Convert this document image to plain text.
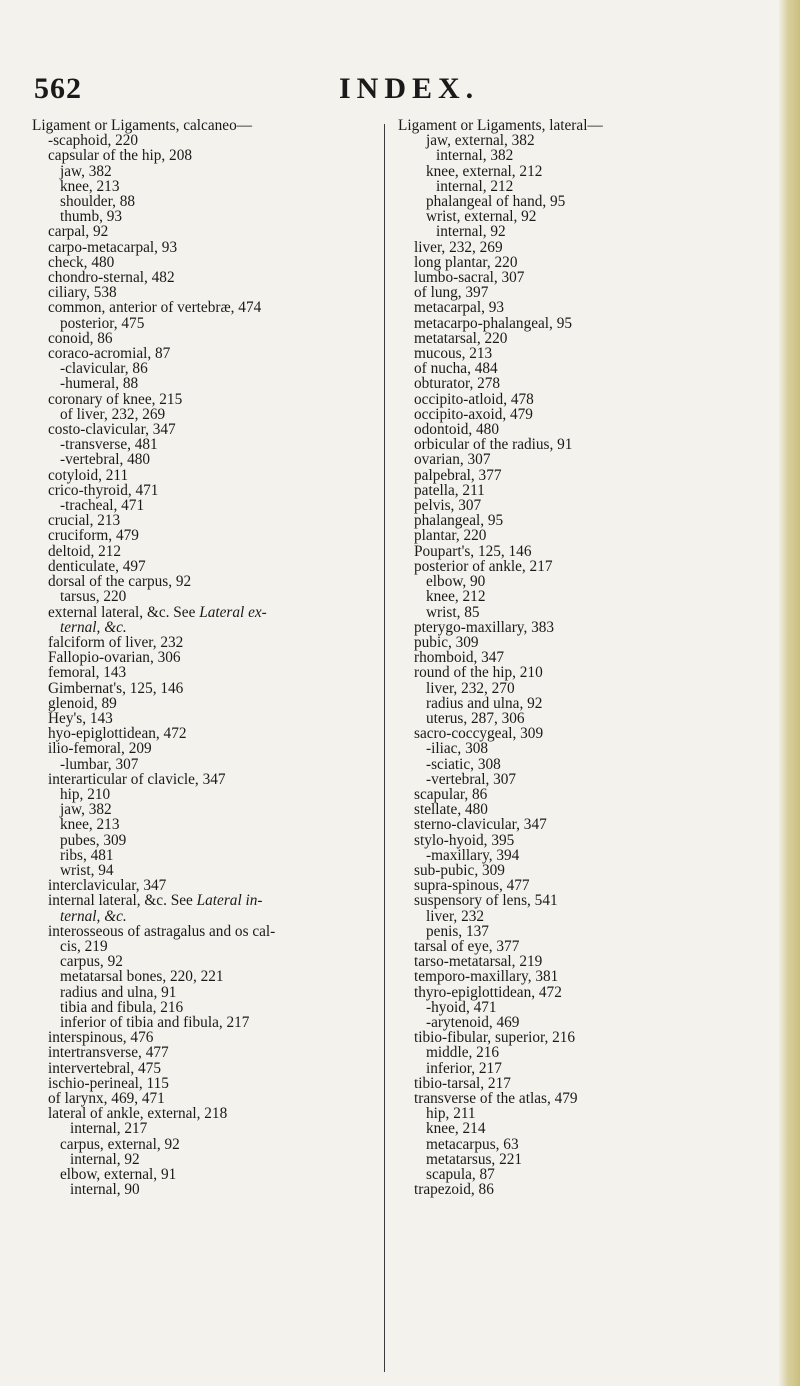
562	INDEX.
Ligament or Ligaments, calcaneo—
-scaphoid, 220
capsular of the hip, 208
jaw, 382
knee, 213
shoulder, 88
thumb, 93
carpal, 92
carpo-metacarpal, 93
check, 480
chondro-sternal, 482
ciliary, 538
common, anterior of vertebræ, 474
posterior, 475
conoid, 86
coraco-acromial, 87
-clavicular, 86
-humeral, 88
coronary of knee, 215
of liver, 232, 269
costo-clavicular, 347
-transverse, 481
-vertebral, 480
cotyloid, 211
crico-thyroid, 471
-tracheal, 471
crucial, 213
cruciform, 479
deltoid, 212
denticulate, 497
dorsal of the carpus, 92
tarsus, 220
external lateral, &c. See Lateral ex-
ternal, &c.
falciform of liver, 232
Fallopio-ovarian, 306
femoral, 143
Gimbernat's, 125, 146
glenoid, 89
Hey's, 143
hyo-epiglottidean, 472
ilio-femoral, 209
-lumbar, 307
interarticular of clavicle, 347
hip, 210
jaw, 382
knee, 213
pubes, 309
ribs, 481
wrist, 94
interclavicular, 347
internal lateral, &c. See Lateral in-
ternal, &c.
interosseous of astragalus and os cal-
cis, 219
carpus, 92
metatarsal bones, 220, 221
radius and ulna, 91
tibia and fibula, 216
inferior of tibia and fibula, 217
interspinous, 476
intertransverse, 477
intervertebral, 475
ischio-perineal, 115
of larynx, 469, 471
lateral of ankle, external, 218
internal, 217
carpus, external, 92
internal, 92
elbow, external, 91
internal, 90
Ligament or Ligaments, lateral—
jaw, external, 382
internal, 382
knee, external, 212
internal, 212
phalangeal of hand, 95
wrist, external, 92
internal, 92
liver, 232, 269
long plantar, 220
lumbo-sacral, 307
of lung, 397
metacarpal, 93
metacarpo-phalangeal, 95
metatarsal, 220
mucous, 213
of nucha, 484
obturator, 278
occipito-atloid, 478
occipito-axoid, 479
odontoid, 480
orbicular of the radius, 91
ovarian, 307
palpebral, 377
patella, 211
pelvis, 307
phalangeal, 95
plantar, 220
Poupart's, 125, 146
posterior of ankle, 217
elbow, 90
knee, 212
wrist, 85
pterygo-maxillary, 383
pubic, 309
rhomboid, 347
round of the hip, 210
liver, 232, 270
radius and ulna, 92
uterus, 287, 306
sacro-coccygeal, 309
-iliac, 308
-sciatic, 308
-vertebral, 307
scapular, 86
stellate, 480
sterno-clavicular, 347
stylo-hyoid, 395
-maxillary, 394
sub-pubic, 309
supra-spinous, 477
suspensory of lens, 541
liver, 232
penis, 137
tarsal of eye, 377
tarso-metatarsal, 219
temporo-maxillary, 381
thyro-epiglottidean, 472
-hyoid, 471
-arytenoid, 469
tibio-fibular, superior, 216
middle, 216
inferior, 217
tibio-tarsal, 217
transverse of the atlas, 479
hip, 211
knee, 214
metacarpus, 63
metatarsus, 221
scapula, 87
trapezoid, 86
